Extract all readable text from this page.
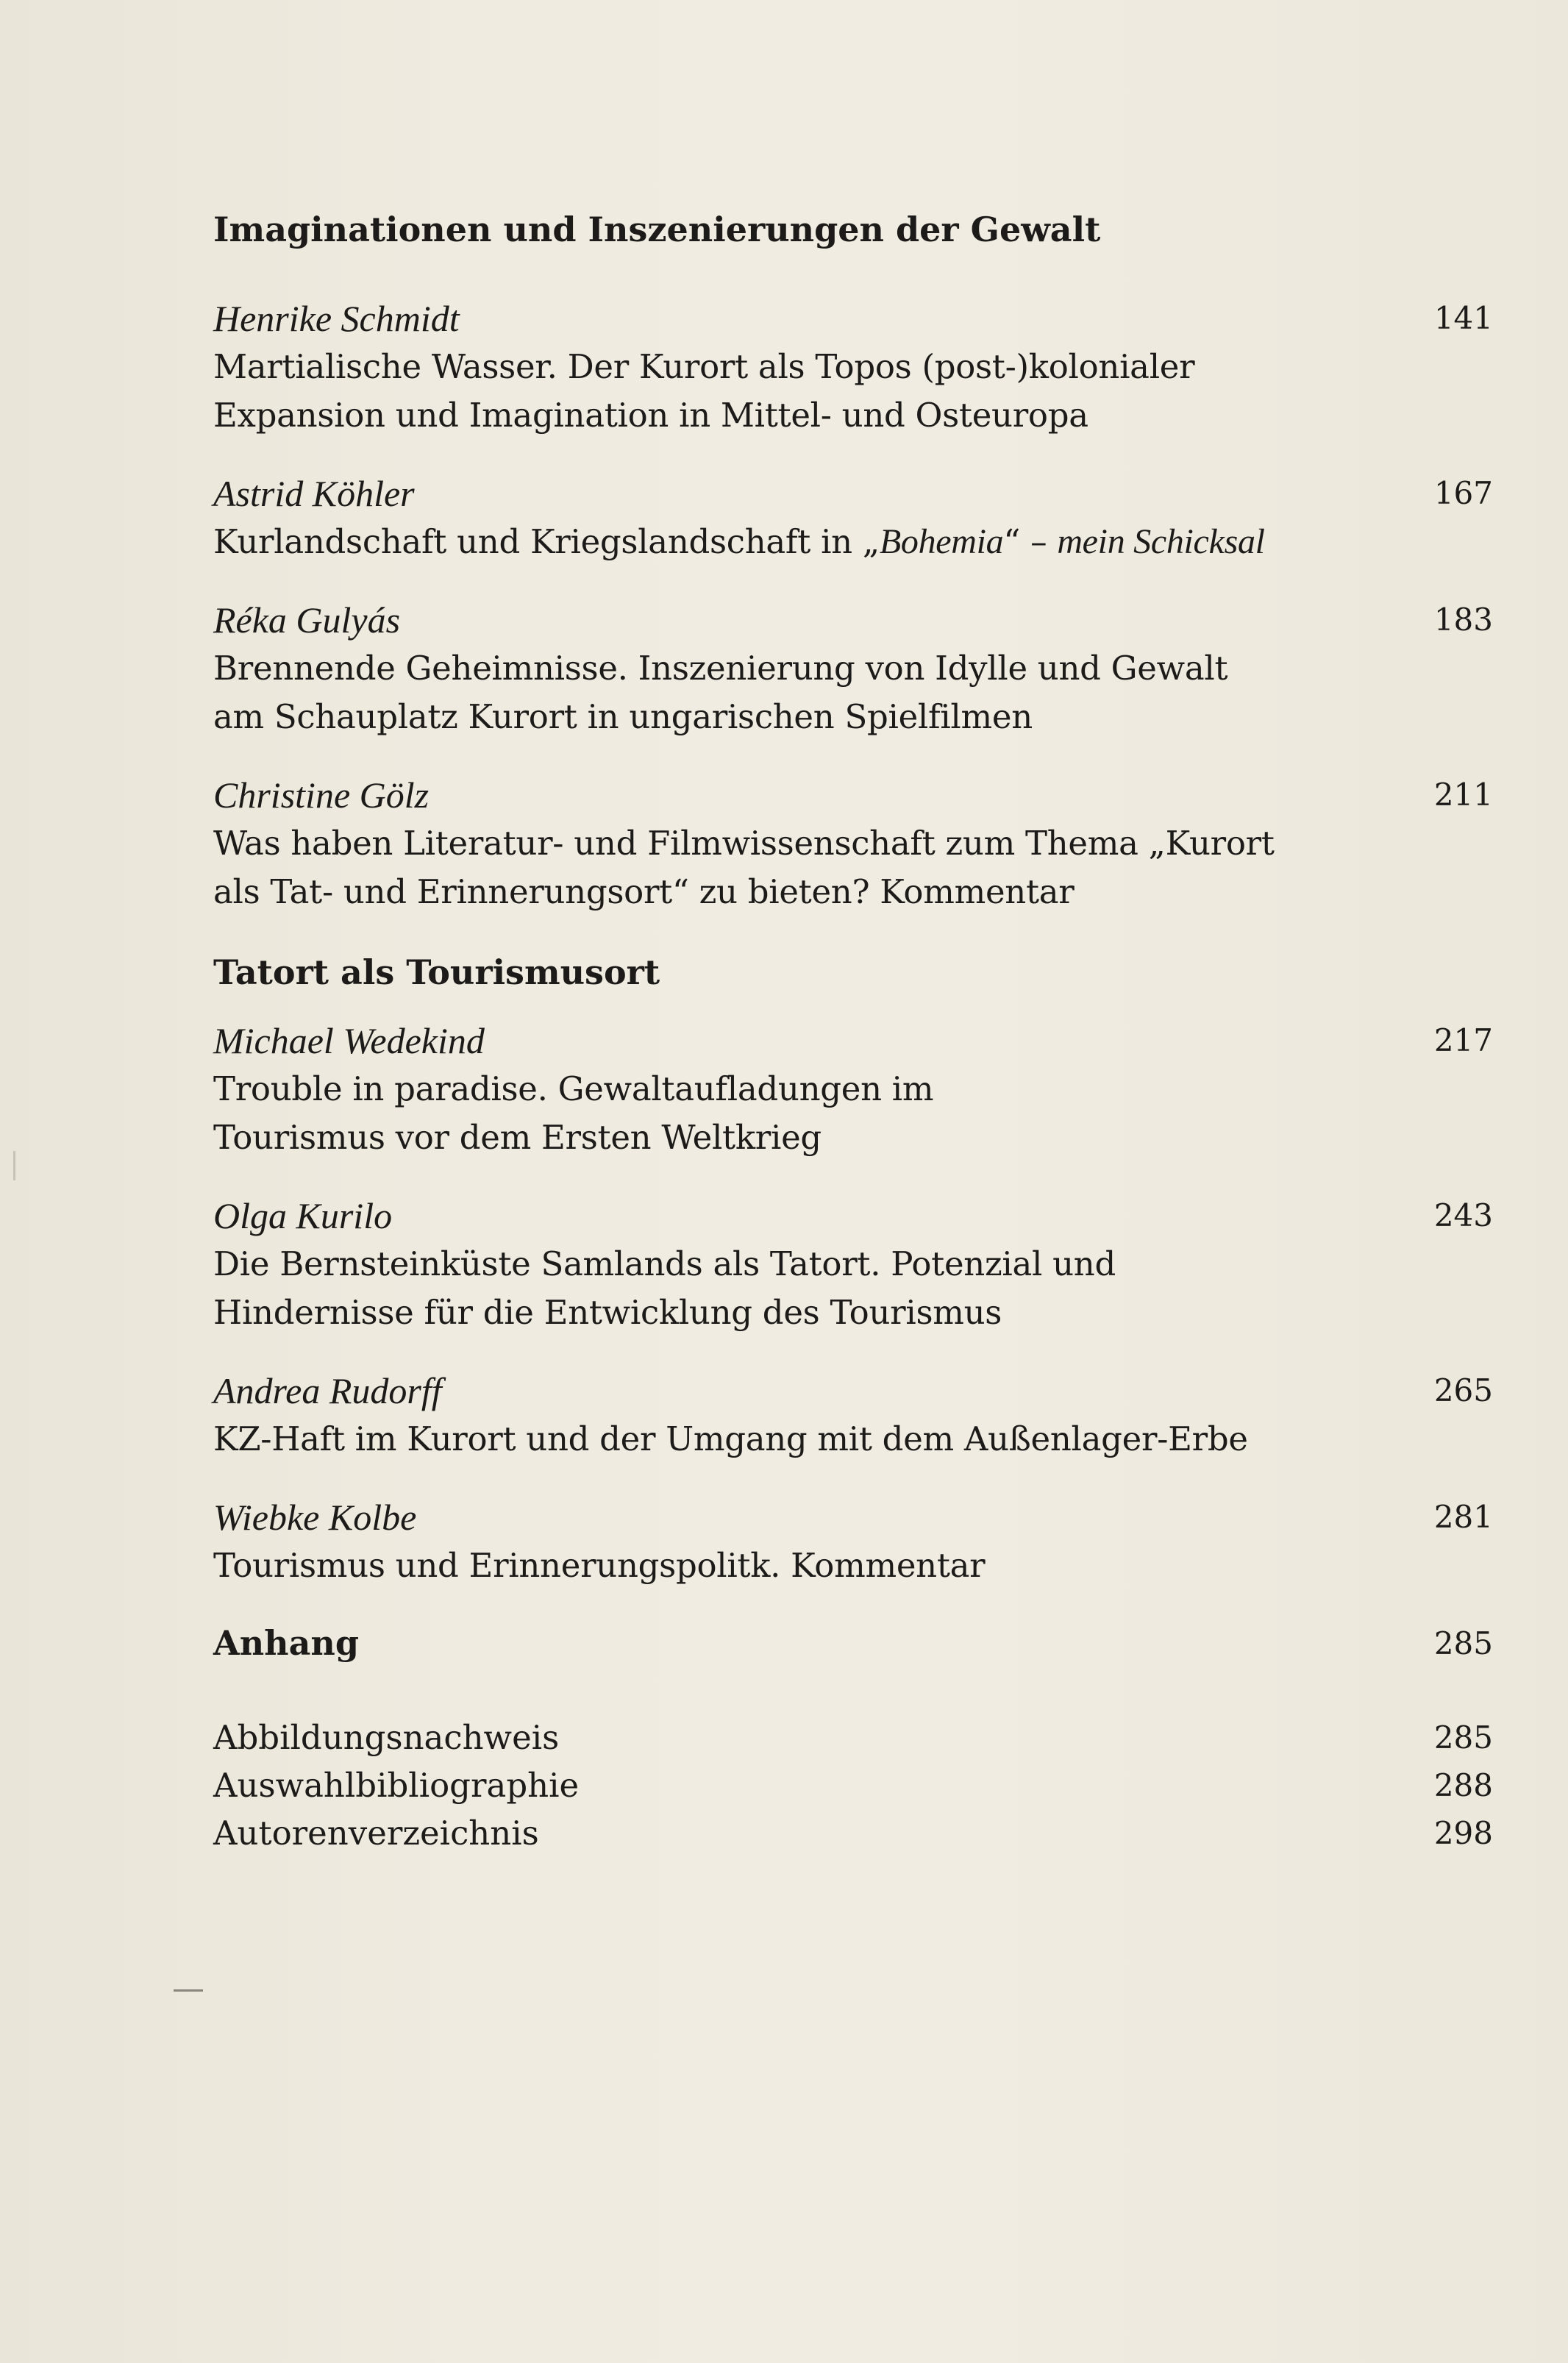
Imaginationen und Inszenierungen der Gewalt
Henrike Schmidt	141
Martialische Wasser. Der Kurort als Topos (post-)kolonialer
Expansion und Imagination in Mittel- und Osteuropa
Astrid Köhler	167
Kurlandschaft und Kriegslandschaft in „Bohemia“ – mein Schicksal
Réka Gulyás	183
Brennende Geheimnisse. Inszenierung von Idylle und Gewalt
am Schauplatz Kurort in ungarischen Spielfilmen
Christine Gölz	211
Was haben Literatur- und Filmwissenschaft zum Thema „Kurort
als Tat- und Erinnerungsort“ zu bieten? Kommentar
Tatort als Tourismusort
Michael Wedekind	217
Trouble in paradise. Gewaltaufladungen im
Tourismus vor dem Ersten Weltkrieg
Olga Kurilo	243
Die Bernsteinküste Samlands als Tatort. Potenzial und
Hindernisse für die Entwicklung des Tourismus
Andrea Rudorff	265
KZ-Haft im Kurort und der Umgang mit dem Außenlager-Erbe
Wiebke Kolbe	281
Tourismus und Erinnerungspolitk. Kommentar
Anhang	285
Abbildungsnachweis	285
Auswahlbibliographie	288
Autorenverzeichnis	298
